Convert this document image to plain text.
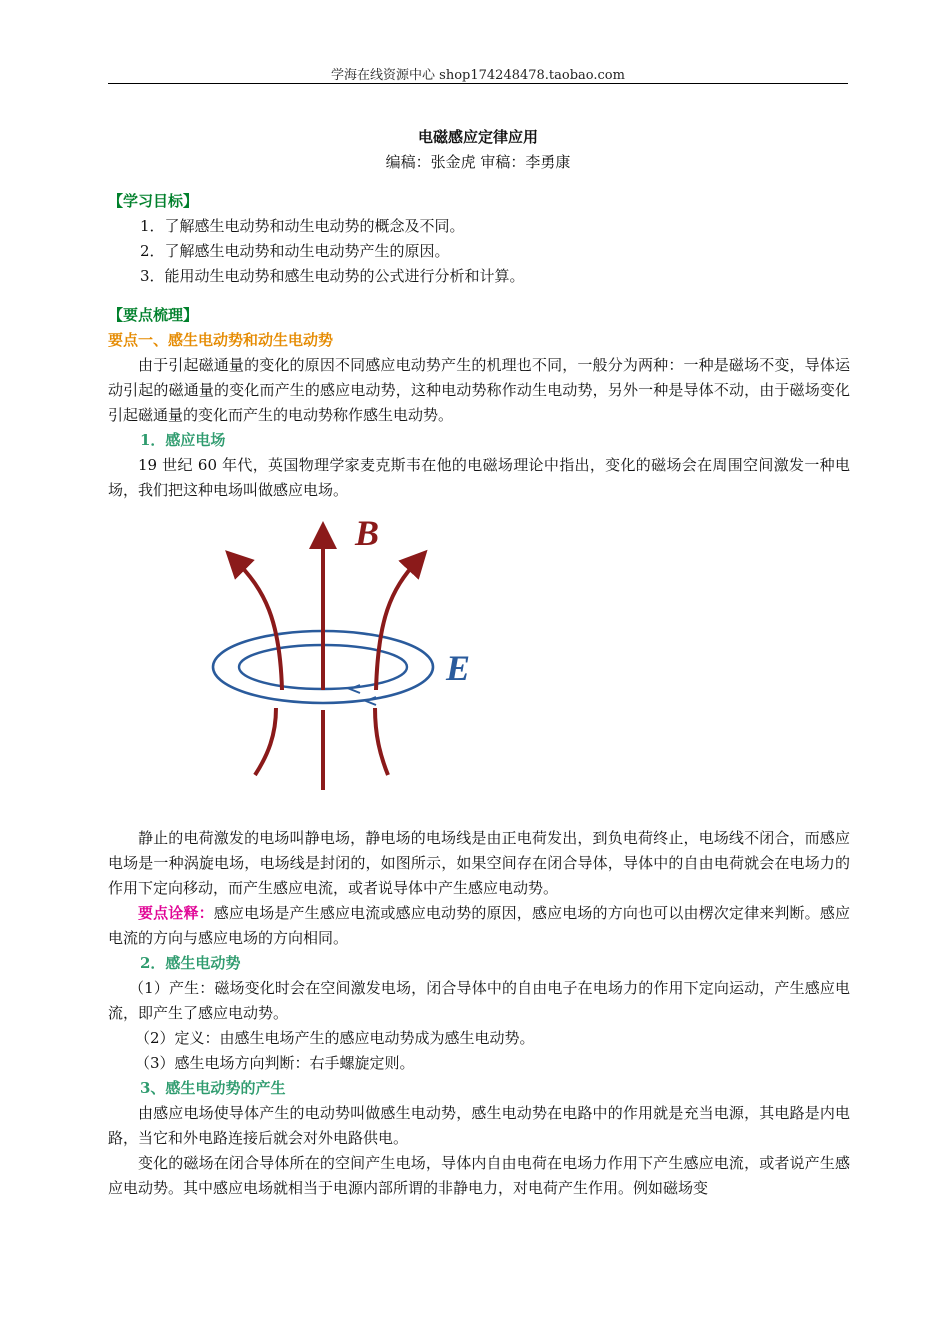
学海在线资源中心 shop174248478.taobao.com
电磁感应定律应用
编稿：张金虎 审稿：李勇康
【学习目标】
1．了解感生电动势和动生电动势的概念及不同。
2．了解感生电动势和动生电动势产生的原因。
3．能用动生电动势和感生电动势的公式进行分析和计算。
【要点梳理】
要点一、感生电动势和动生电动势
由于引起磁通量的变化的原因不同感应电动势产生的机理也不同，一般分为两种：一种是磁场不变，导体运动引起的磁通量的变化而产生的感应电动势，这种电动势称作动生电动势，另外一种是导体不动，由于磁场变化引起磁通量的变化而产生的电动势称作感生电动势。
1．感应电场
19 世纪 60 年代，英国物理学家麦克斯韦在他的电磁场理论中指出，变化的磁场会在周围空间激发一种电场，我们把这种电场叫做感应电场。
B
E
静止的电荷激发的电场叫静电场，静电场的电场线是由正电荷发出，到负电荷终止，电场线不闭合，而感应电场是一种涡旋电场，电场线是封闭的，如图所示，如果空间存在闭合导体，导体中的自由电荷就会在电场力的作用下定向移动，而产生感应电流，或者说导体中产生感应电动势。
要点诠释：感应电场是产生感应电流或感应电动势的原因，感应电场的方向也可以由楞次定律来判断。感应电流的方向与感应电场的方向相同。
2．感生电动势
（1）产生：磁场变化时会在空间激发电场，闭合导体中的自由电子在电场力的作用下定向运动，产生感应电流，即产生了感应电动势。
（2）定义：由感生电场产生的感应电动势成为感生电动势。
（3）感生电场方向判断：右手螺旋定则。
3、感生电动势的产生
由感应电场使导体产生的电动势叫做感生电动势，感生电动势在电路中的作用就是充当电源，其电路是内电路，当它和外电路连接后就会对外电路供电。
变化的磁场在闭合导体所在的空间产生电场，导体内自由电荷在电场力作用下产生感应电流，或者说产生感应电动势。其中感应电场就相当于电源内部所谓的非静电力，对电荷产生作用。例如磁场变
